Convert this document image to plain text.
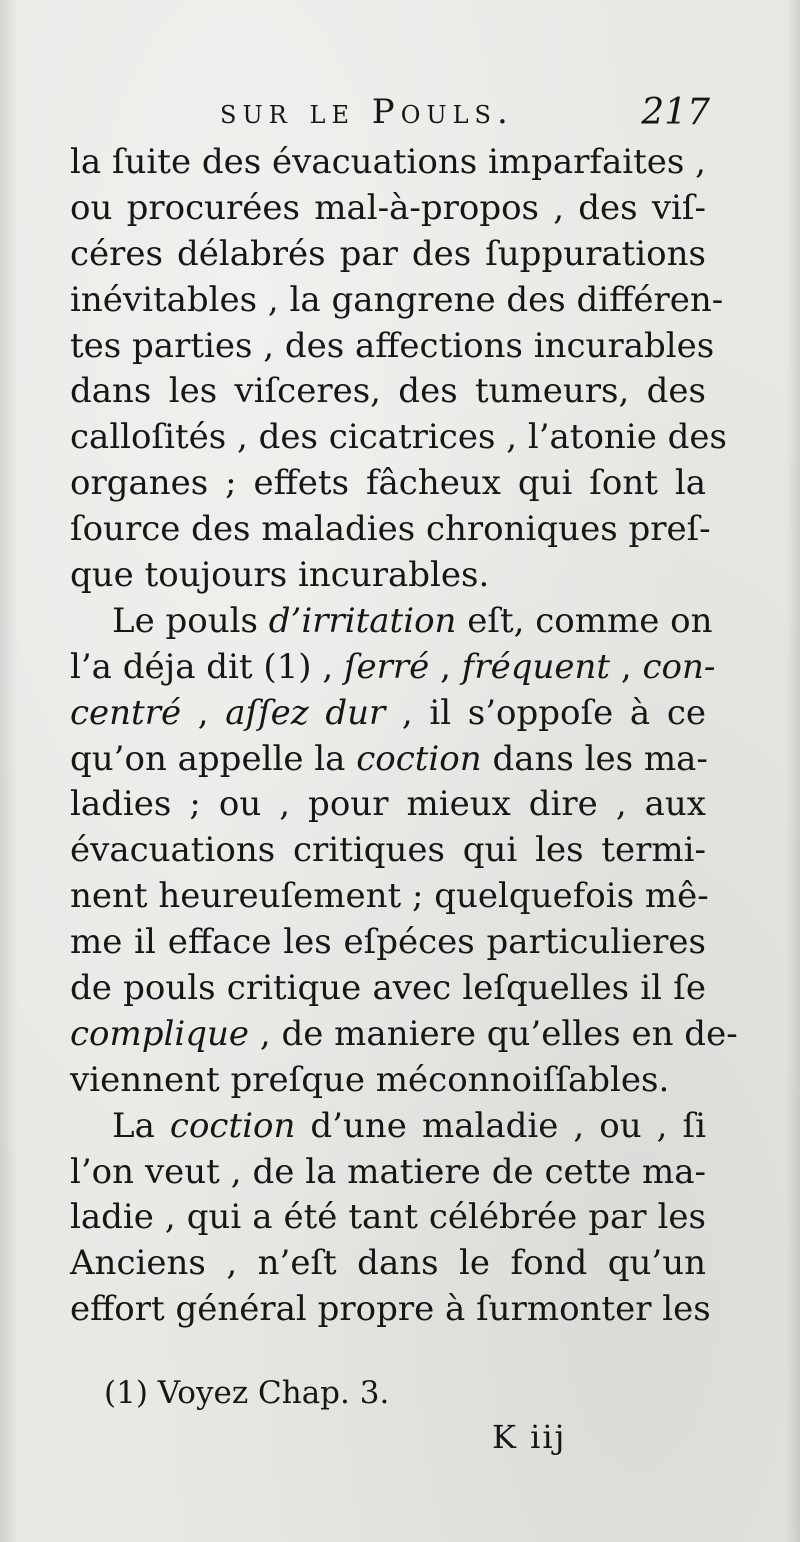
sur le Pouls.	217
la ſuite des évacuations imparfaites ,
ou procurées mal-à-propos , des viſ-
céres délabrés par des ſuppurations
inévitables , la gangrene des différen-
tes parties , des affections incurables
dans les viſceres, des tumeurs, des
calloſités , des cicatrices , l’atonie des
organes ; effets fâcheux qui ſont la
ſource des maladies chroniques preſ-
que toujours incurables.
Le pouls d’irritation eſt, comme on
l’a déja dit (1) , ſerré , fréquent , con-
centré , aſſez dur , il s’oppoſe à ce
qu’on appelle la coction dans les ma-
ladies ; ou , pour mieux dire , aux
évacuations critiques qui les termi-
nent heureuſement ; quelquefois mê-
me il efface les eſpéces particulieres
de pouls critique avec leſquelles il ſe
complique , de maniere qu’elles en de-
viennent preſque méconnoiſſables.
La coction d’une maladie , ou , ſi
l’on veut , de la matiere de cette ma-
ladie , qui a été tant célébrée par les
Anciens , n’eſt dans le fond qu’un
effort général propre à ſurmonter les
(1) Voyez Chap. 3.
K iij
